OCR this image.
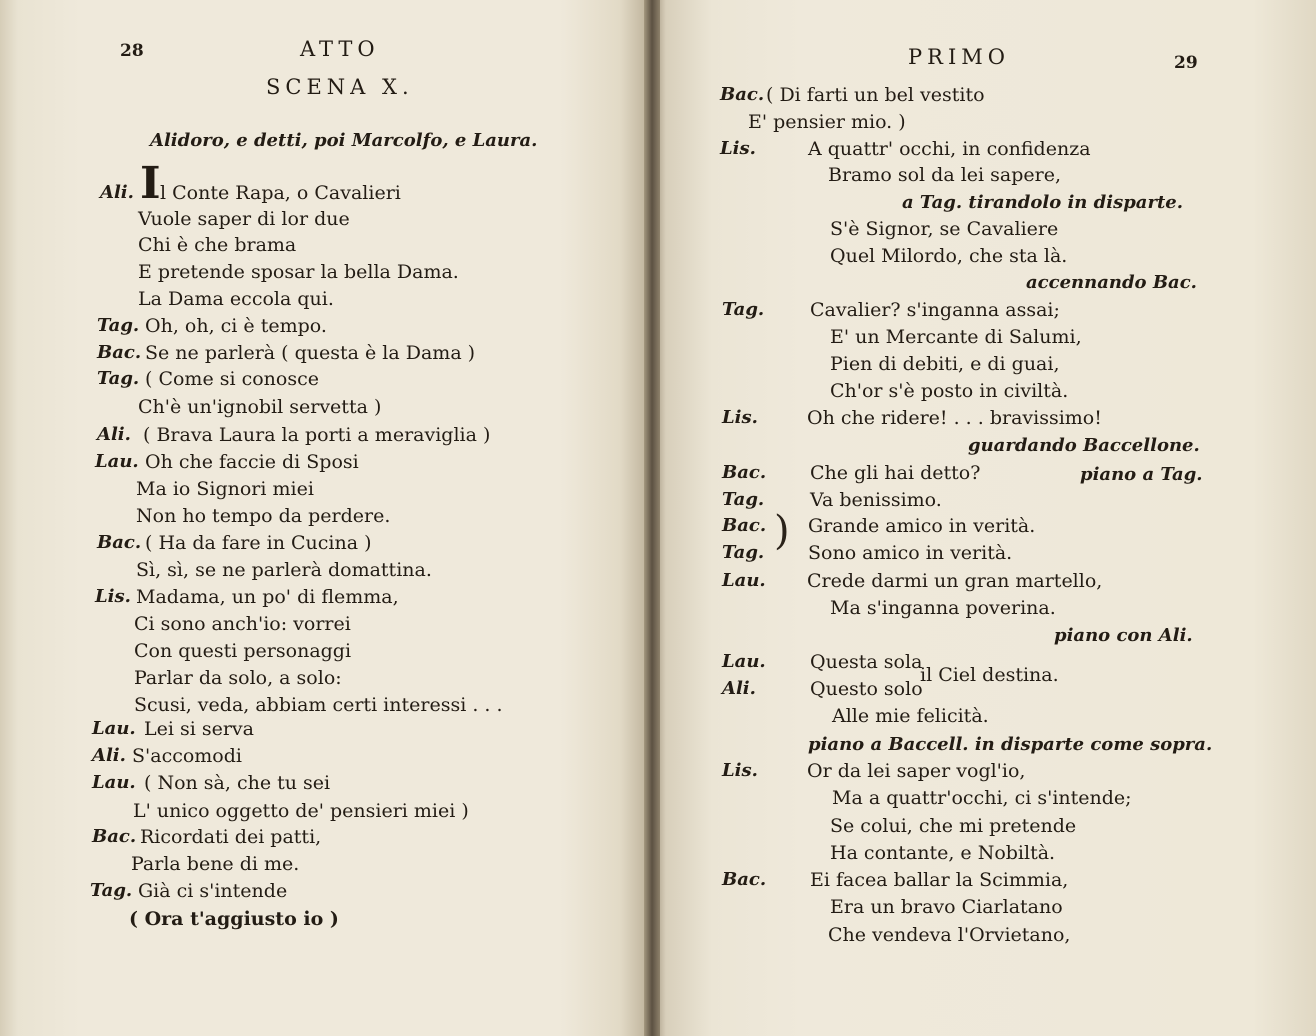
28	ATTO
SCENA X.
Alidoro, e detti, poi Marcolfo, e Laura.
I
Ali. l Conte Rapa, o Cavalieri
Vuole saper di lor due
Chi è che brama
E pretende sposar la bella Dama.
La Dama eccola qui.
Tag. Oh, oh, ci è tempo.
Bac. Se ne parlerà ( questa è la Dama )
Tag. ( Come si conosce
Ch'è un'ignobil servetta )
Ali. ( Brava Laura la porti a meraviglia )
Lau. Oh che faccie di Sposi
Ma io Signori miei
Non ho tempo da perdere.
Bac. ( Ha da fare in Cucina )
Sì, sì, se ne parlerà domattina.
Lis. Madama, un po' di flemma,
Ci sono anch'io: vorrei
Con questi personaggi
Parlar da solo, a solo:
Scusi, veda, abbiam certi interessi . . .
Lau. Lei si serva
Ali. S'accomodi
Lau. ( Non sà, che tu sei
L' unico oggetto de' pensieri miei )
Bac. Ricordati dei patti,
Parla bene di me.
Tag. Già ci s'intende
( Ora t'aggiusto io )
PRIMO	29
Bac. ( Di farti un bel vestito
E' pensier mio. )
Lis.	A quattr' occhi, in confidenza
Bramo sol da lei sapere,
a Tag. tirandolo in disparte.
S'è Signor, se Cavaliere
Quel Milordo, che sta là.
accennando Bac.
Tag. Cavalier? s'inganna assai;
E' un Mercante di Salumi,
Pien di debiti, e di guai,
Ch'or s'è posto in civiltà.
Lis.	Oh che ridere! . . . bravissimo!
guardando Baccellone.
Bac. Che gli hai detto?	piano a Tag.
Tag. Va benissimo.
Bac. Grande amico in verità.
Tag. Sono amico in verità.
)
Lau. Crede darmi un gran martello,
Ma s'inganna poverina.
piano con Ali.
Lau. Questa sola
Ali.	Questo solo
il Ciel destina.
Alle mie felicità.
piano a Baccell. in disparte come sopra.
Lis.	Or da lei saper vogl'io,
Ma a quattr'occhi, ci s'intende;
Se colui, che mi pretende
Ha contante, e Nobiltà.
Bac. Ei facea ballar la Scimmia,
Era un bravo Ciarlatano
Che vendeva l'Orvietano,
